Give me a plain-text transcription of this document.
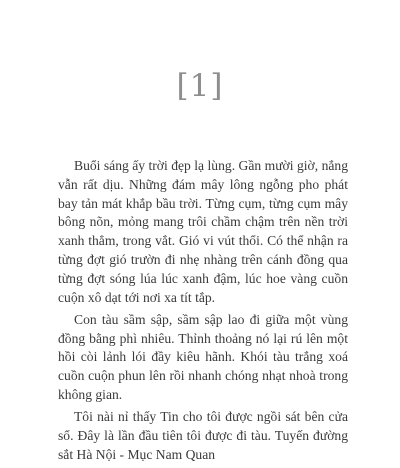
[1]

Buổi sáng ấy trời đẹp lạ lùng. Gần mười giờ, nắng vẫn rất dịu. Những đám mây lông ngỗng pho phát bay tản mát khắp bầu trời. Từng cụm, từng cụm mây bông nõn, mỏng mang trôi chầm chậm trên nền trời xanh thẳm, trong vắt. Gió vi vút thổi. Có thể nhận ra từng đợt gió trườn đi nhẹ nhàng trên cánh đồng qua từng đợt sóng lúa lúc xanh đậm, lúc hoe vàng cuồn cuộn xô dạt tới nơi xa tít tắp.

Con tàu sầm sập, sầm sập lao đi giữa một vùng đồng bằng phì nhiêu. Thỉnh thoảng nó lại rú lên một hồi còi lảnh lói đầy kiêu hãnh. Khói tàu trắng xoá cuồn cuộn phun lên rồi nhanh chóng nhạt nhoà trong không gian.

Tôi nài nỉ thấy Tin cho tôi được ngồi sát bên cửa sổ. Đây là lần đầu tiên tôi được đi tàu. Tuyến đường sắt Hà Nội - Mục Nam Quan
